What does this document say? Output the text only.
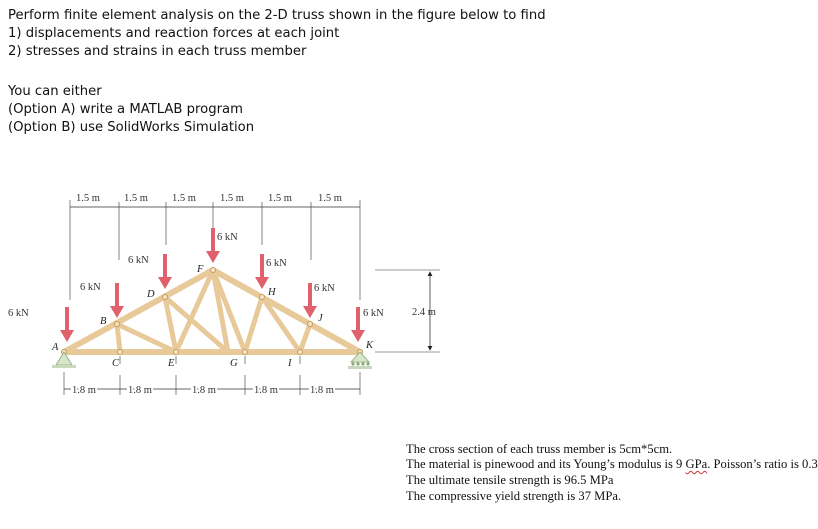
Perform finite element analysis on the 2-D truss shown in the figure below to find
1) displacements and reaction forces at each joint
2) stresses and strains in each truss member
You can either
(Option A) write a MATLAB program
(Option B) use SolidWorks Simulation
1.5 m 1.5 m 1.5 m 1.5 m 1.5 m 1.5 m
6 kN
6 kN
6 kN
6 kN
6 kN
6 kN
6 kN
A
B
D
F
H
J
K
C	E	G	I
1.8 m	1.8 m	1.8 m	1.8 m	1.8 m
2.4 m
The cross section of each truss member is 5cm*5cm.
The material is pinewood and its Young’s modulus is 9 GPa. Poisson’s ratio is 0.3
The ultimate tensile strength is 96.5 MPa
The compressive yield strength is 37 MPa.
